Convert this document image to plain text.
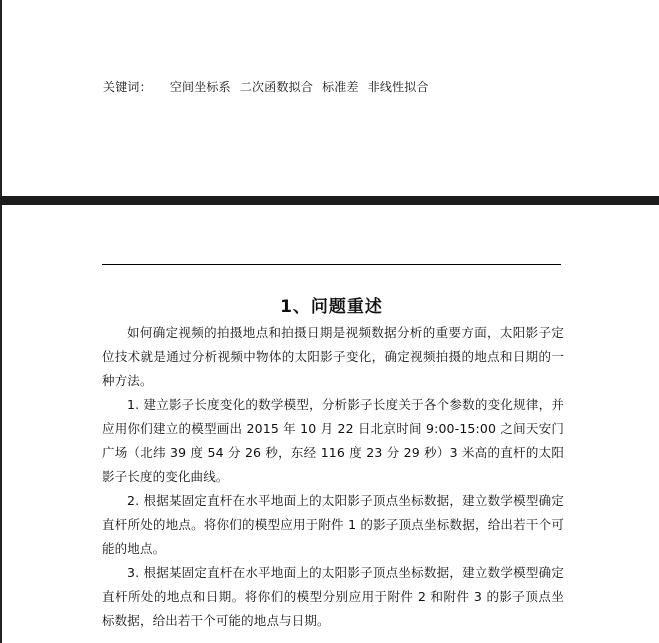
关键词： 空间坐标系 二次函数拟合 标准差 非线性拟合
1、问题重述

如何确定视频的拍摄地点和拍摄日期是视频数据分析的重要方面，太阳影子定位技术就是通过分析视频中物体的太阳影子变化，确定视频拍摄的地点和日期的一种方法。

1. 建立影子长度变化的数学模型，分析影子长度关于各个参数的变化规律，并应用你们建立的模型画出 2015 年 10 月 22 日北京时间 9:00-15:00 之间天安门广场（北纬 39 度 54 分 26 秒，东经 116 度 23 分 29 秒）3 米高的直杆的太阳影子长度的变化曲线。

2. 根据某固定直杆在水平地面上的太阳影子顶点坐标数据，建立数学模型确定直杆所处的地点。将你们的模型应用于附件 1 的影子顶点坐标数据，给出若干个可能的地点。

3. 根据某固定直杆在水平地面上的太阳影子顶点坐标数据，建立数学模型确定直杆所处的地点和日期。将你们的模型分别应用于附件 2 和附件 3 的影子顶点坐标数据，给出若干个可能的地点与日期。
